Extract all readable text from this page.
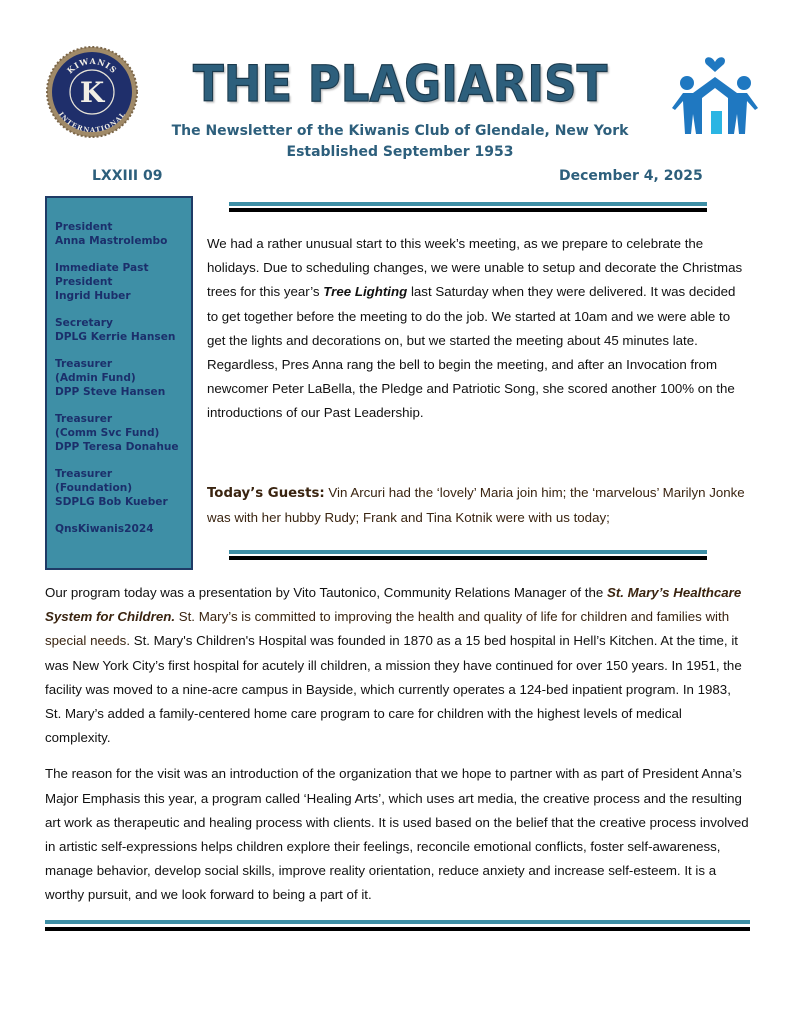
KIWANIS
INTERNATIONAL
K	THE PLAGIARIST
The Newsletter of the Kiwanis Club of Glendale, New York
Established September 1953
LXXIII 09	December 4, 2025
President
Anna Mastrolembo
Immediate Past
President
Ingrid Huber
Secretary
DPLG Kerrie Hansen
Treasurer
(Admin Fund)
DPP Steve Hansen
Treasurer
(Comm Svc Fund)
DPP Teresa Donahue
Treasurer
(Foundation)
SDPLG Bob Kueber
QnsKiwanis2024
We had a rather unusual start to this week’s meeting, as we prepare to celebrate the holidays. Due to scheduling changes, we were unable to setup and decorate the Christmas trees for this year’s Tree Lighting last Saturday when they were delivered. It was decided to get together before the meeting to do the job. We started at 10am and we were able to get the lights and decorations on, but we started the meeting about 45 minutes late. Regardless, Pres Anna rang the bell to begin the meeting, and after an Invocation from newcomer Peter LaBella, the Pledge and Patriotic Song, she scored another 100% on the introductions of our Past Leadership.
Today’s Guests: Vin Arcuri had the ‘lovely’ Maria join him; the ‘marvelous’ Marilyn Jonke was with her hubby Rudy; Frank and Tina Kotnik were with us today;
Our program today was a presentation by Vito Tautonico, Community Relations Manager of the St. Mary’s Healthcare System for Children. St. Mary’s is committed to improving the health and quality of life for children and families with special needs. St. Mary's Children's Hospital was founded in 1870 as a 15 bed hospital in Hell’s Kitchen. At the time, it was New York City’s first hospital for acutely ill children, a mission they have continued for over 150 years. In 1951, the facility was moved to a nine-acre campus in Bayside, which currently operates a 124-bed inpatient program. In 1983, St. Mary’s added a family-centered home care program to care for children with the highest levels of medical complexity.
The reason for the visit was an introduction of the organization that we hope to partner with as part of President Anna’s Major Emphasis this year, a program called ‘Healing Arts’, which uses art media, the creative process and the resulting art work as therapeutic and healing process with clients. It is used based on the belief that the creative process involved in artistic self-expressions helps children explore their feelings, reconcile emotional conflicts, foster self-awareness, manage behavior, develop social skills, improve reality orientation, reduce anxiety and increase self-esteem. It is a worthy pursuit, and we look forward to being a part of it.
